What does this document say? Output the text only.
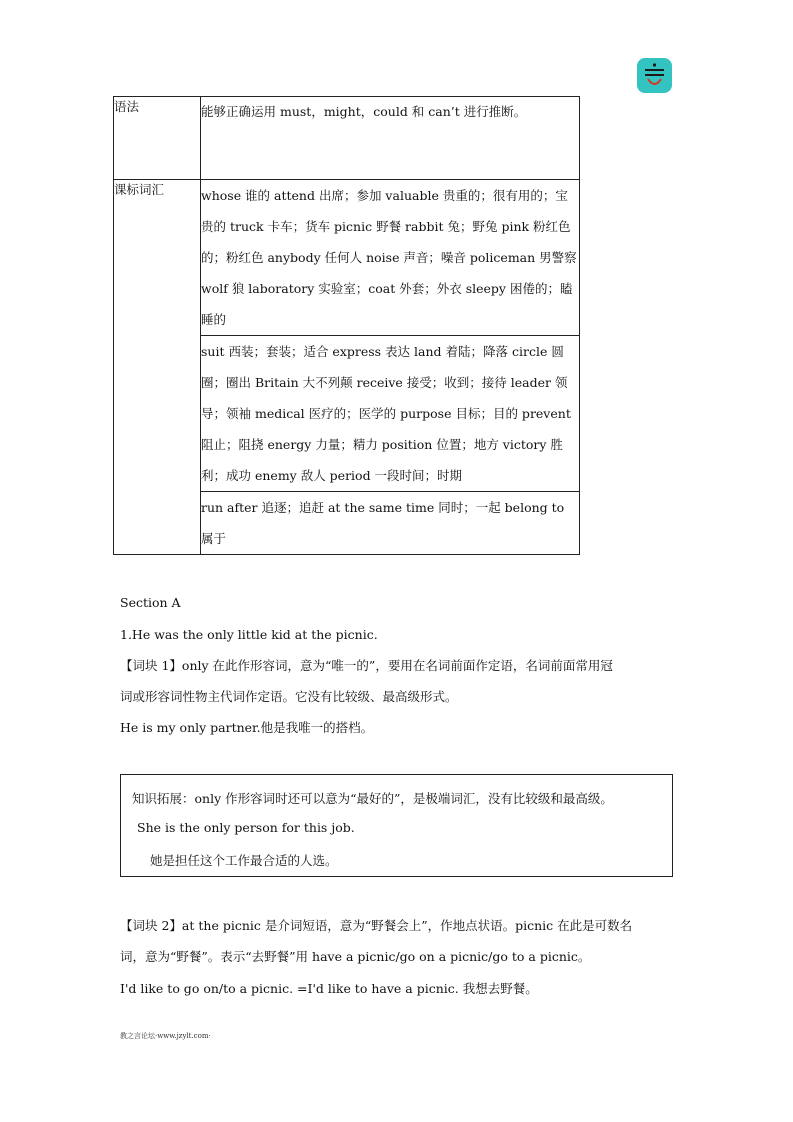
语法	能够正确运用 must，might，could 和 can’t 进行推断。

课标词汇	whose 谁的 attend 出席；参加 valuable 贵重的；很有用的；宝贵的 truck 卡车；货车 picnic 野餐 rabbit 兔；野兔 pink 粉红色的；粉红色 anybody 任何人 noise 声音；噪音 policeman 男警察 wolf 狼 laboratory 实验室；coat 外套；外衣 sleepy 困倦的；瞌睡的
	suit 西装；套装；适合 express 表达 land 着陆；降落 circle 圆圈；圈出 Britain 大不列颠 receive 接受；收到；接待 leader 领导；领袖 medical 医疗的；医学的 purpose 目标；目的 prevent 阻止；阻挠 energy 力量；精力 position 位置；地方 victory 胜利；成功 enemy 敌人 period 一段时间；时期
	run after 追逐；追赶 at the same time 同时；一起 belong to 属于
Section A
1.He was the only little kid at the picnic.
【词块 1】only 在此作形容词，意为“唯一的”，要用在名词前面作定语，名词前面常用冠
词或形容词性物主代词作定语。它没有比较级、最高级形式。
He is my only partner.他是我唯一的搭档。
知识拓展：only 作形容词时还可以意为“最好的”，是极端词汇，没有比较级和最高级。
She is the only person for this job.
她是担任这个工作最合适的人选。
【词块 2】at the picnic 是介词短语，意为“野餐会上”，作地点状语。picnic 在此是可数名
词，意为“野餐”。表示“去野餐”用 have a picnic/go on a picnic/go to a picnic。
I'd like to go on/to a picnic. =I'd like to have a picnic. 我想去野餐。
教之言论坛·www.jzylt.com·
